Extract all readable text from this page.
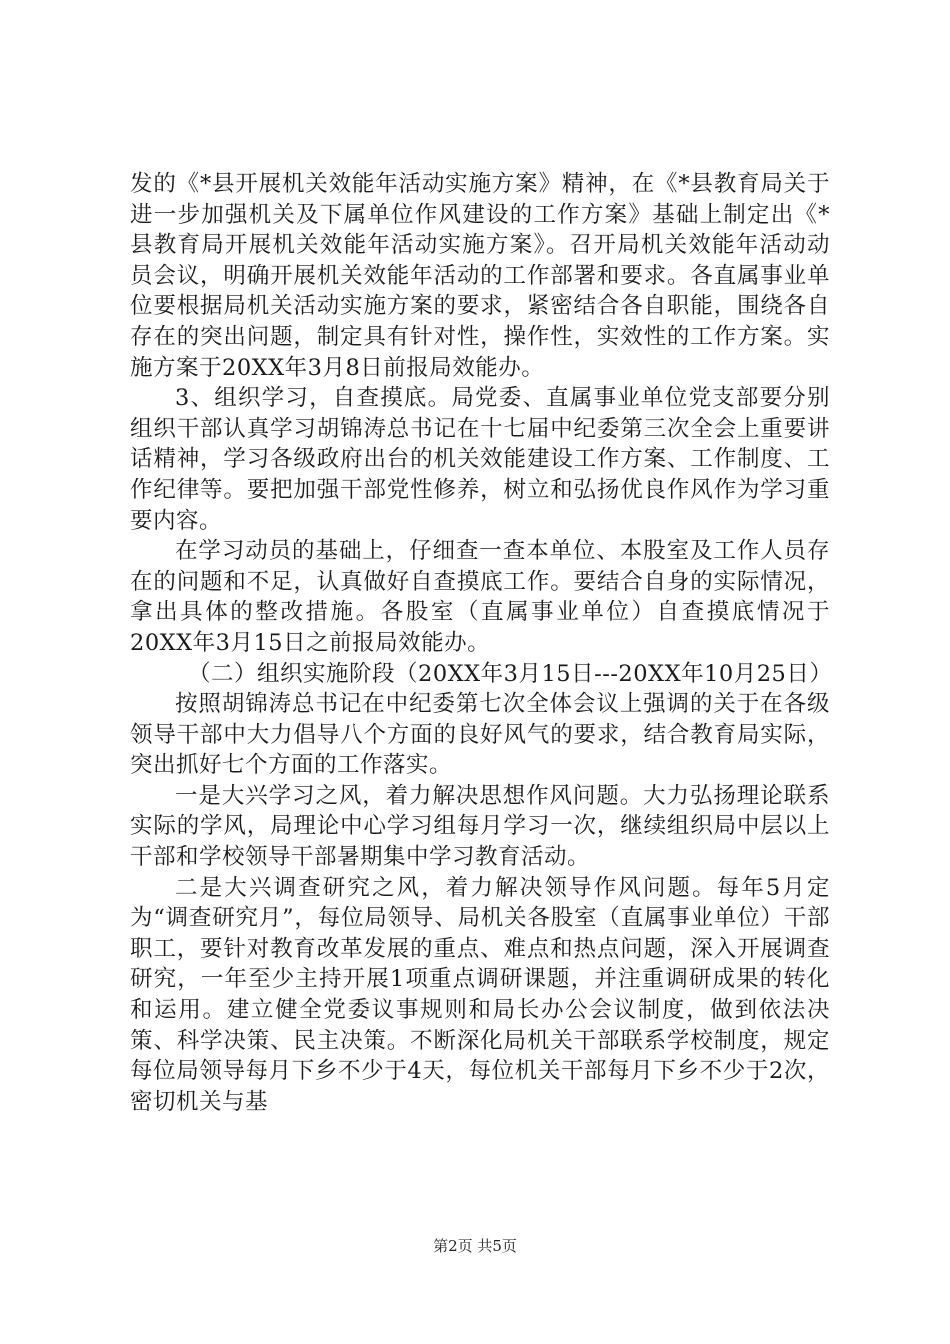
发的《*县开展机关效能年活动实施方案》精神，在《*县教育局关于进一步加强机关及下属单位作风建设的工作方案》基础上制定出《*县教育局开展机关效能年活动实施方案》。召开局机关效能年活动动员会议，明确开展机关效能年活动的工作部署和要求。各直属事业单位要根据局机关活动实施方案的要求，紧密结合各自职能，围绕各自存在的突出问题，制定具有针对性，操作性，实效性的工作方案。实施方案于20XX年3月8日前报局效能办。

3、组织学习，自查摸底。局党委、直属事业单位党支部要分别组织干部认真学习胡锦涛总书记在十七届中纪委第三次全会上重要讲话精神，学习各级政府出台的机关效能建设工作方案、工作制度、工作纪律等。要把加强干部党性修养，树立和弘扬优良作风作为学习重要内容。

在学习动员的基础上，仔细查一查本单位、本股室及工作人员存在的问题和不足，认真做好自查摸底工作。要结合自身的实际情况，拿出具体的整改措施。各股室（直属事业单位）自查摸底情况于20XX年3月15日之前报局效能办。

（二）组织实施阶段（20XX年3月15日---20XX年10月25日）

按照胡锦涛总书记在中纪委第七次全体会议上强调的关于在各级领导干部中大力倡导八个方面的良好风气的要求，结合教育局实际，突出抓好七个方面的工作落实。

一是大兴学习之风，着力解决思想作风问题。大力弘扬理论联系实际的学风，局理论中心学习组每月学习一次，继续组织局中层以上干部和学校领导干部暑期集中学习教育活动。

二是大兴调查研究之风，着力解决领导作风问题。每年5月定为“调查研究月”，每位局领导、局机关各股室（直属事业单位）干部职工，要针对教育改革发展的重点、难点和热点问题，深入开展调查研究，一年至少主持开展1项重点调研课题，并注重调研成果的转化和运用。建立健全党委议事规则和局长办公会议制度，做到依法决策、科学决策、民主决策。不断深化局机关干部联系学校制度，规定每位局领导每月下乡不少于4天，每位机关干部每月下乡不少于2次，密切机关与基

第2页 共5页
